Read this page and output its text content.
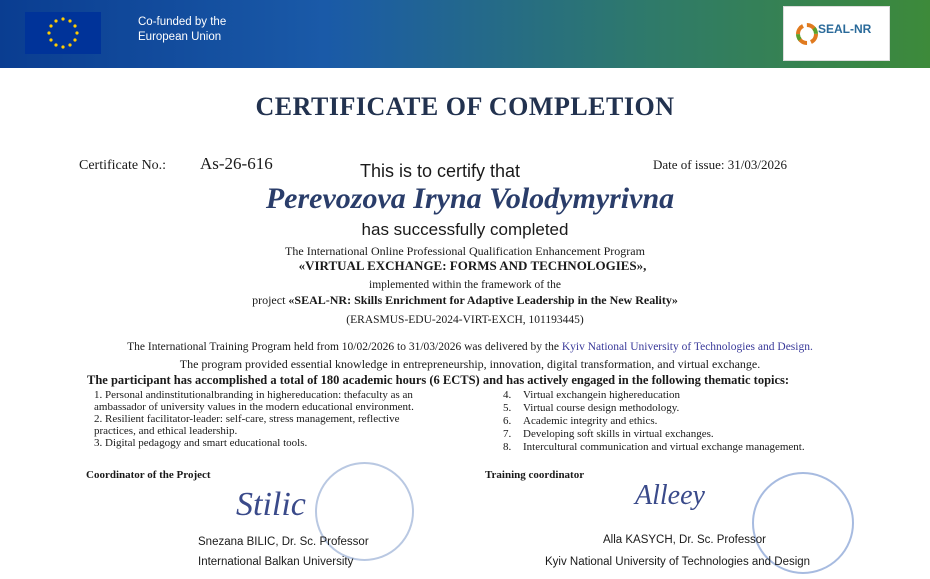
Co-funded by the
European Union
SEAL-NR
CERTIFICATE OF COMPLETION
Certificate No.: As-26-616	This is to certify that	Date of issue: 31/03/2026
Perevozova Iryna Volodymyrivna
has successfully completed
The International Online Professional Qualification Enhancement Program
«VIRTUAL EXCHANGE: FORMS AND TECHNOLOGIES»,
implemented within the framework of the
project «SEAL-NR: Skills Enrichment for Adaptive Leadership in the New Reality»
(ERASMUS-EDU-2024-VIRT-EXCH, 101193445)
The International Training Program held from 10/02/2026 to 31/03/2026 was delivered by the Kyiv National University of Technologies and Design.
The program provided essential knowledge in entrepreneurship, innovation, digital transformation, and virtual exchange.
The participant has accomplished a total of 180 academic hours (6 ECTS) and has actively engaged in the following thematic topics:
1. Personal andinstitutionalbranding in highereducation: thefaculty as an
ambassador of university values in the modern educational environment.
2. Resilient facilitator-leader: self-care, stress management, reflective
practices, and ethical leadership.
3. Digital pedagogy and smart educational tools.
4. Virtual exchangein highereducation
5. Virtual course design methodology.
6. Academic integrity and ethics.
7. Developing soft skills in virtual exchanges.
8. Intercultural communication and virtual exchange management.
Coordinator of the Project	Training coordinator
Stilic	Alleey
Snezana BILIC, Dr. Sc. Professor
International Balkan University
Alla KASYCH, Dr. Sc. Professor
Kyiv National University of Technologies and Design
